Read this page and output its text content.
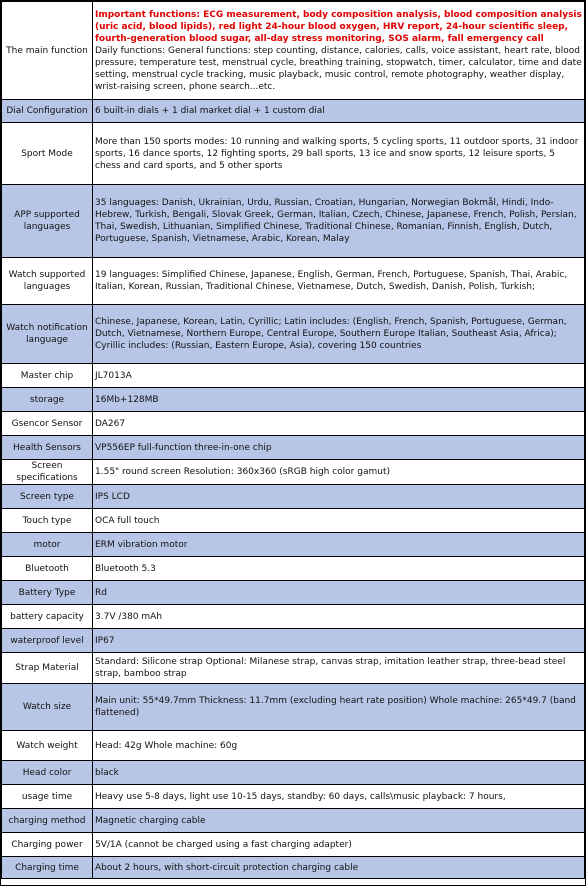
The main function	Important functions: ECG measurement, body composition analysis, blood composition analysis (uric acid, blood lipids), red light 24-hour blood oxygen, HRV report, 24-hour scientific sleep, fourth-generation blood sugar, all-day stress monitoring, SOS alarm, fall emergency call
Daily functions: General functions: step counting, distance, calories, calls, voice assistant, heart rate, blood pressure, temperature test, menstrual cycle, breathing training, stopwatch, timer, calculator, time and date setting, menstrual cycle tracking, music playback, music control, remote photography, weather display, wrist-raising screen, phone search...etc.
Dial Configuration	6 built-in dials + 1 dial market dial + 1 custom dial
Sport Mode	More than 150 sports modes: 10 running and walking sports, 5 cycling sports, 11 outdoor sports, 31 indoor sports, 16 dance sports, 12 fighting sports, 29 ball sports, 13 ice and snow sports, 12 leisure sports, 5 chess and card sports, and 5 other sports
APP supported languages	35 languages: Danish, Ukrainian, Urdu, Russian, Croatian, Hungarian, Norwegian Bokmål, Hindi, Indo-Hebrew, Turkish, Bengali, Slovak Greek, German, Italian, Czech, Chinese, Japanese, French, Polish, Persian, Thai, Swedish, Lithuanian, Simplified Chinese, Traditional Chinese, Romanian, Finnish, English, Dutch, Portuguese, Spanish, Vietnamese, Arabic, Korean, Malay
Watch supported languages	19 languages: Simplified Chinese, Japanese, English, German, French, Portuguese, Spanish, Thai, Arabic, Italian, Korean, Russian, Traditional Chinese, Vietnamese, Dutch, Swedish, Danish, Polish, Turkish;
Watch notification language	Chinese, Japanese, Korean, Latin, Cyrillic; Latin includes: (English, French, Spanish, Portuguese, German, Dutch, Vietnamese, Northern Europe, Central Europe, Southern Europe Italian, Southeast Asia, Africa); Cyrillic includes: (Russian, Eastern Europe, Asia), covering 150 countries
Master chip	JL7013A
storage	16Mb+128MB
Gsencor Sensor	DA267
Health Sensors	VP556EP full-function three-in-one chip
Screen specifications	1.55" round screen Resolution: 360x360 (sRGB high color gamut)
Screen type	IPS LCD
Touch type	OCA full touch
motor	ERM vibration motor
Bluetooth	Bluetooth 5.3
Battery Type	Rd
battery capacity	3.7V /380 mAh
waterproof level	IP67
Strap Material	Standard: Silicone strap Optional: Milanese strap, canvas strap, imitation leather strap, three-bead steel strap, bamboo strap
Watch size	Main unit: 55*49.7mm Thickness: 11.7mm (excluding heart rate position) Whole machine: 265*49.7 (band flattened)
Watch weight	Head: 42g Whole machine: 60g
Head color	black
usage time	Heavy use 5-8 days, light use 10-15 days, standby: 60 days, calls\music playback: 7 hours,
charging method	Magnetic charging cable
Charging power	5V/1A (cannot be charged using a fast charging adapter)
Charging time	About 2 hours, with short-circuit protection charging cable
